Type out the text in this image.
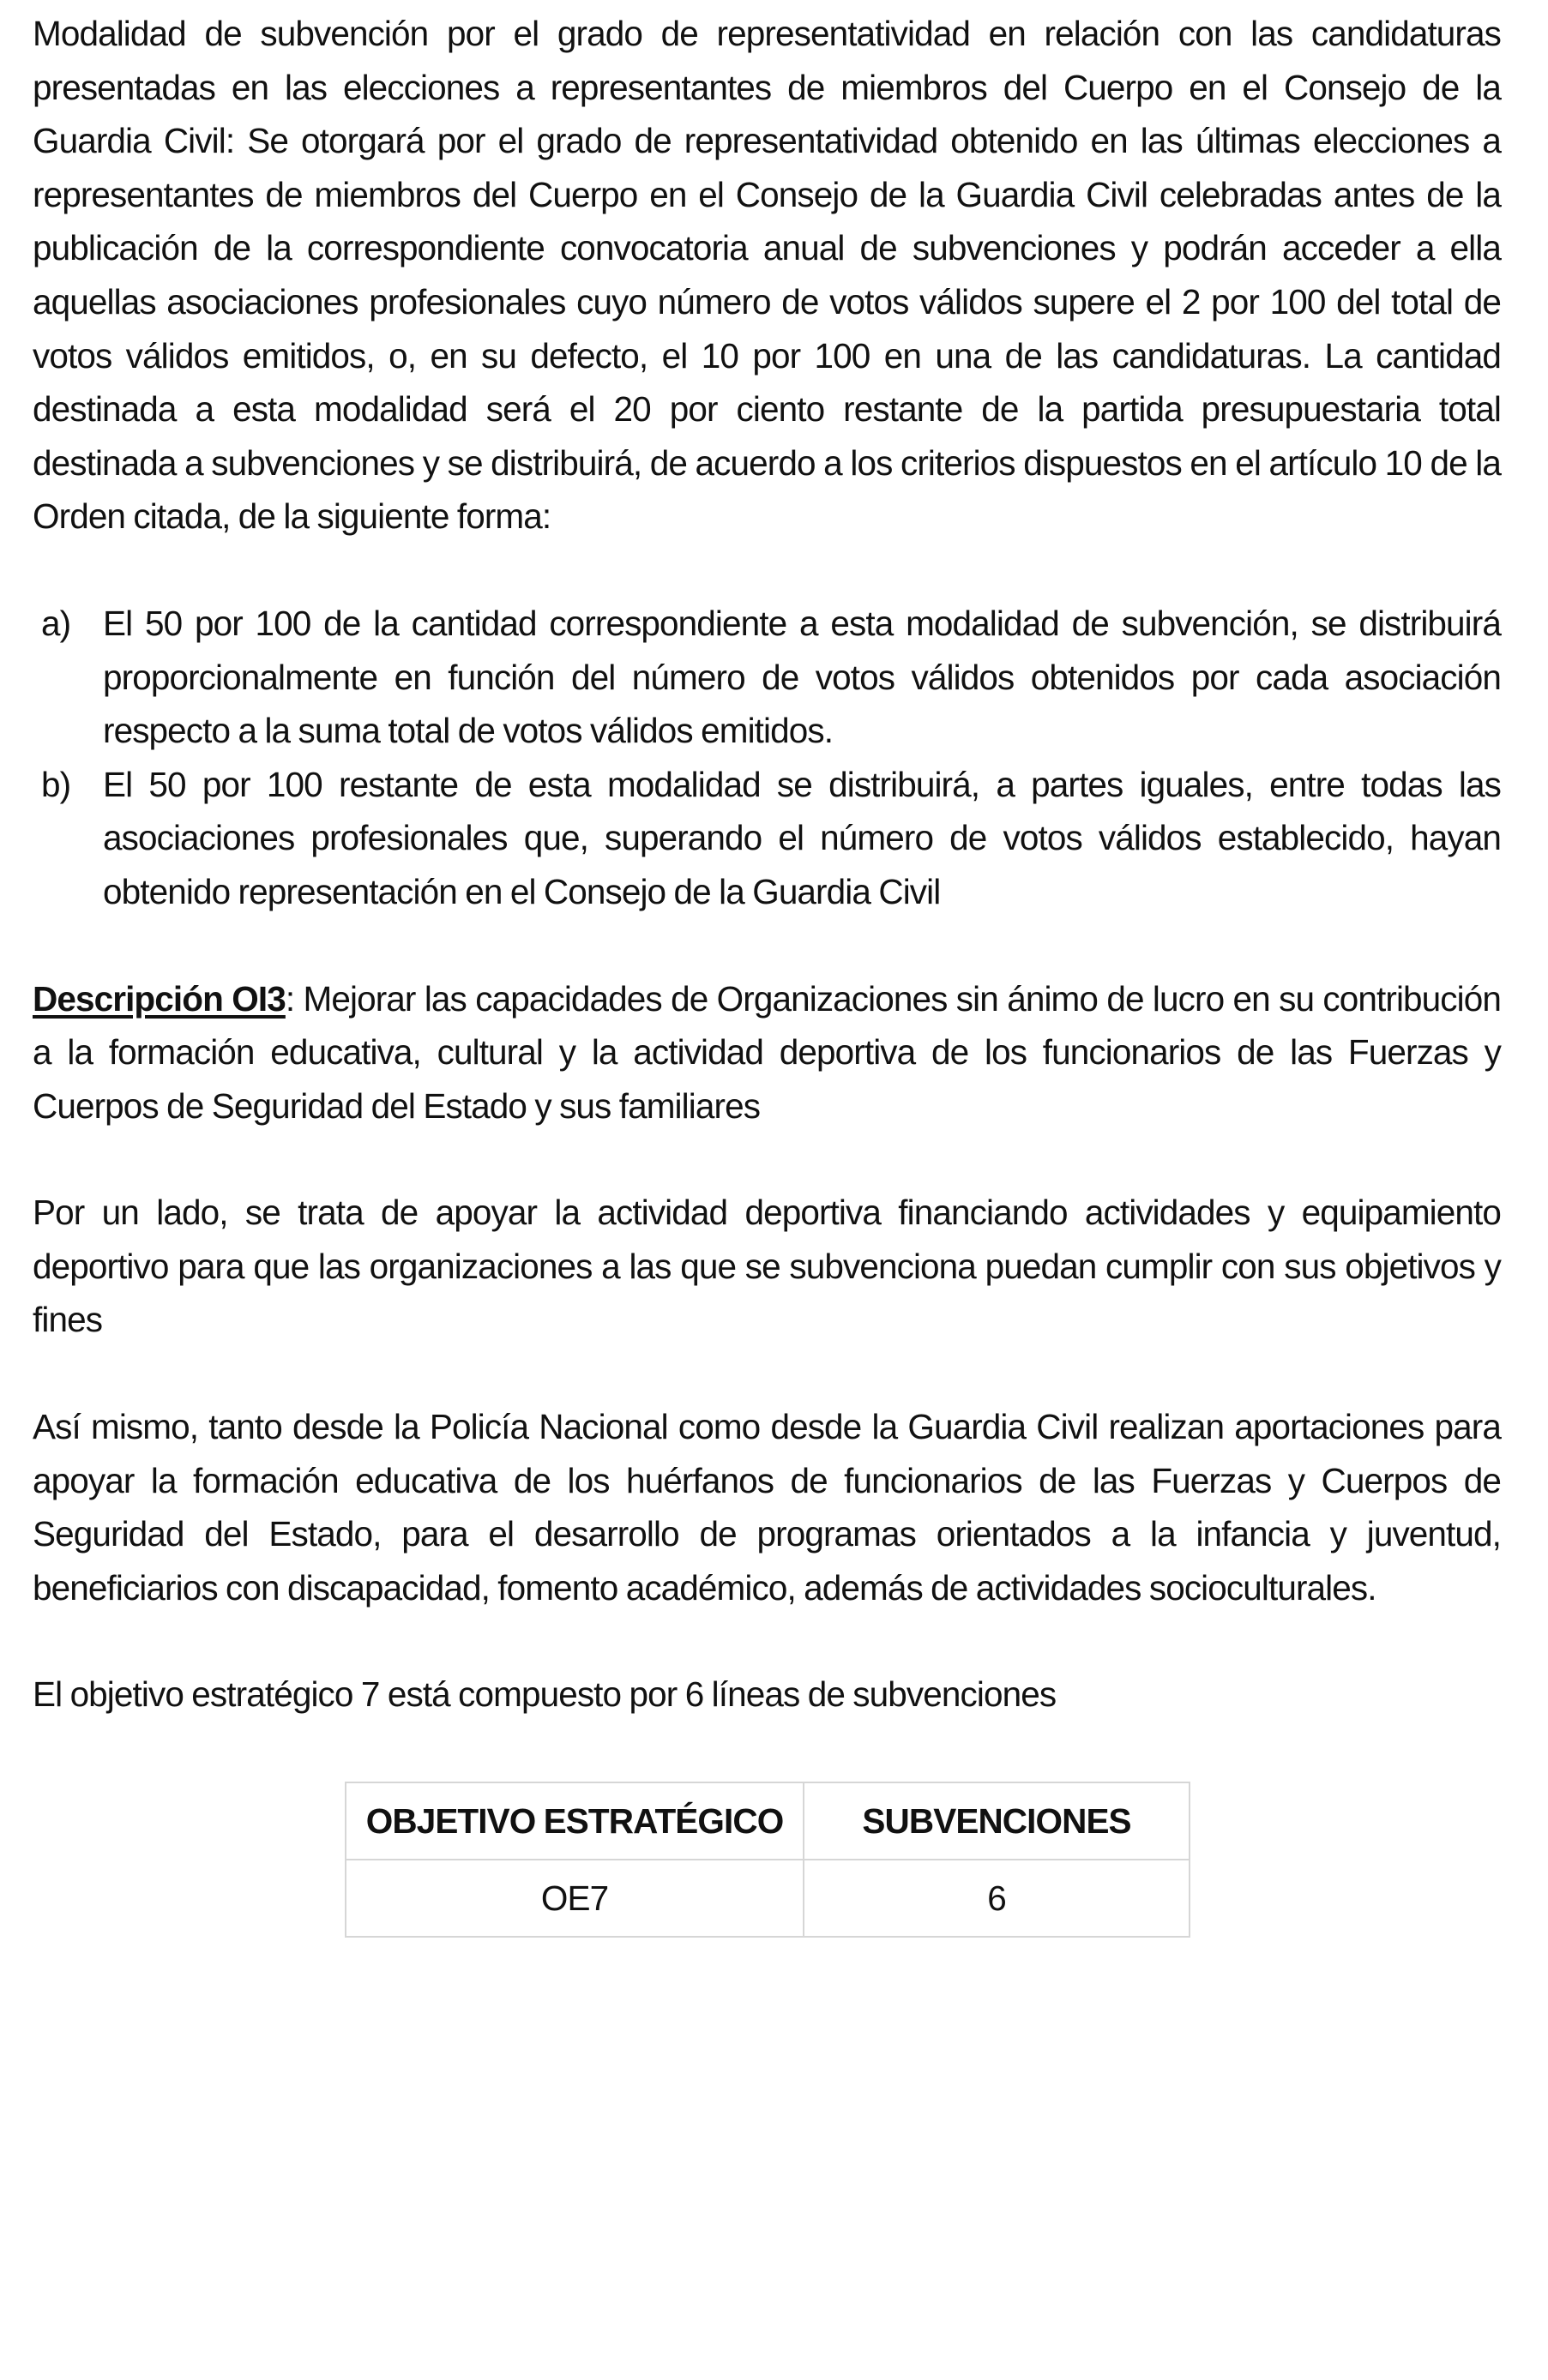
Modalidad de subvención por el grado de representatividad en relación con las candidaturas presentadas en las elecciones a representantes de miembros del Cuerpo en el Consejo de la Guardia Civil: Se otorgará por el grado de representatividad obtenido en las últimas elecciones a representantes de miembros del Cuerpo en el Consejo de la Guardia Civil celebradas antes de la publicación de la correspondiente convocatoria anual de subvenciones y podrán acceder a ella aquellas asociaciones profesionales cuyo número de votos válidos supere el 2 por 100 del total de votos válidos emitidos, o, en su defecto, el 10 por 100 en una de las candidaturas. La cantidad destinada a esta modalidad será el 20 por ciento restante de la partida presupuestaria total destinada a subvenciones y se distribuirá, de acuerdo a los criterios dispuestos en el artículo 10 de la Orden citada, de la siguiente forma:

a) El 50 por 100 de la cantidad correspondiente a esta modalidad de subvención, se distribuirá proporcionalmente en función del número de votos válidos obtenidos por cada asociación respecto a la suma total de votos válidos emitidos.
b) El 50 por 100 restante de esta modalidad se distribuirá, a partes iguales, entre todas las asociaciones profesionales que, superando el número de votos válidos establecido, hayan obtenido representación en el Consejo de la Guardia Civil

Descripción OI3: Mejorar las capacidades de Organizaciones sin ánimo de lucro en su contribución a la formación educativa, cultural y la actividad deportiva de los funcionarios de las Fuerzas y Cuerpos de Seguridad del Estado y sus familiares

Por un lado, se trata de apoyar la actividad deportiva financiando actividades y equipamiento deportivo para que las organizaciones a las que se subvenciona puedan cumplir con sus objetivos y fines

Así mismo, tanto desde la Policía Nacional como desde la Guardia Civil realizan aportaciones para apoyar la formación educativa de los huérfanos de funcionarios de las Fuerzas y Cuerpos de Seguridad del Estado, para el desarrollo de programas orientados a la infancia y juventud, beneficiarios con discapacidad, fomento académico, además de actividades socioculturales.

El objetivo estratégico 7 está compuesto por 6 líneas de subvenciones

OBJETIVO ESTRATÉGICO	SUBVENCIONES
OE7	6
